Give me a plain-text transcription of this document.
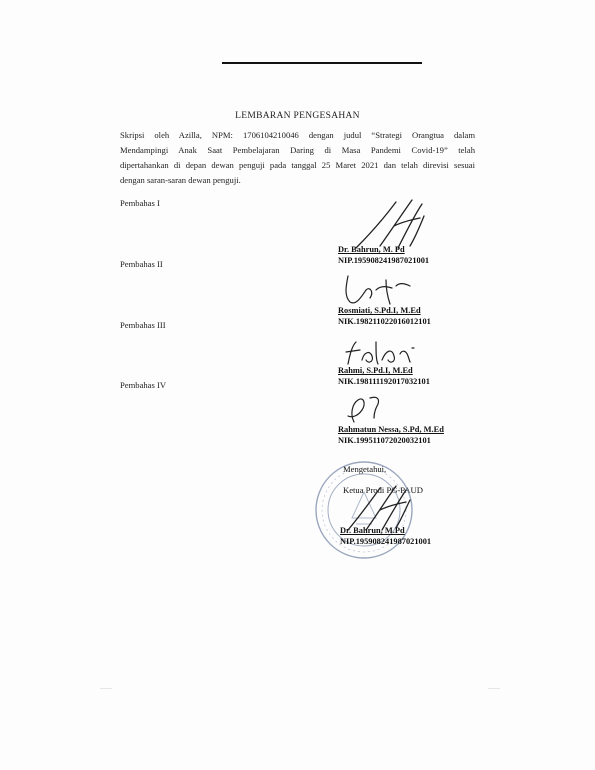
LEMBARAN PENGESAHAN
Skripsi oleh Azilla, NPM: 1706104210046 dengan judul “Strategi Orangtua dalam
Mendampingi Anak Saat Pembelajaran Daring di Masa Pandemi Covid-19” telah
dipertahankan di depan dewan penguji pada tanggal 25 Maret 2021 dan telah direvisi sesuai
dengan saran-saran dewan penguji.
Pembahas I
Pembahas II
Pembahas III
Pembahas IV
Dr. Bahrun, M. Pd
NIP.195908241987021001
Rosmiati, S.Pd.I, M.Ed
NIK.198211022016012101
Rahmi, S.Pd.I, M.Ed
NIK.198111192017032101
Rahmatun Nessa, S.Pd, M.Ed
NIK.199511072020032101
Mengetahui,
Ketua Prodi PG-PAUD
Dr. Bahrun, M.Pd
NIP.195908241987021001
